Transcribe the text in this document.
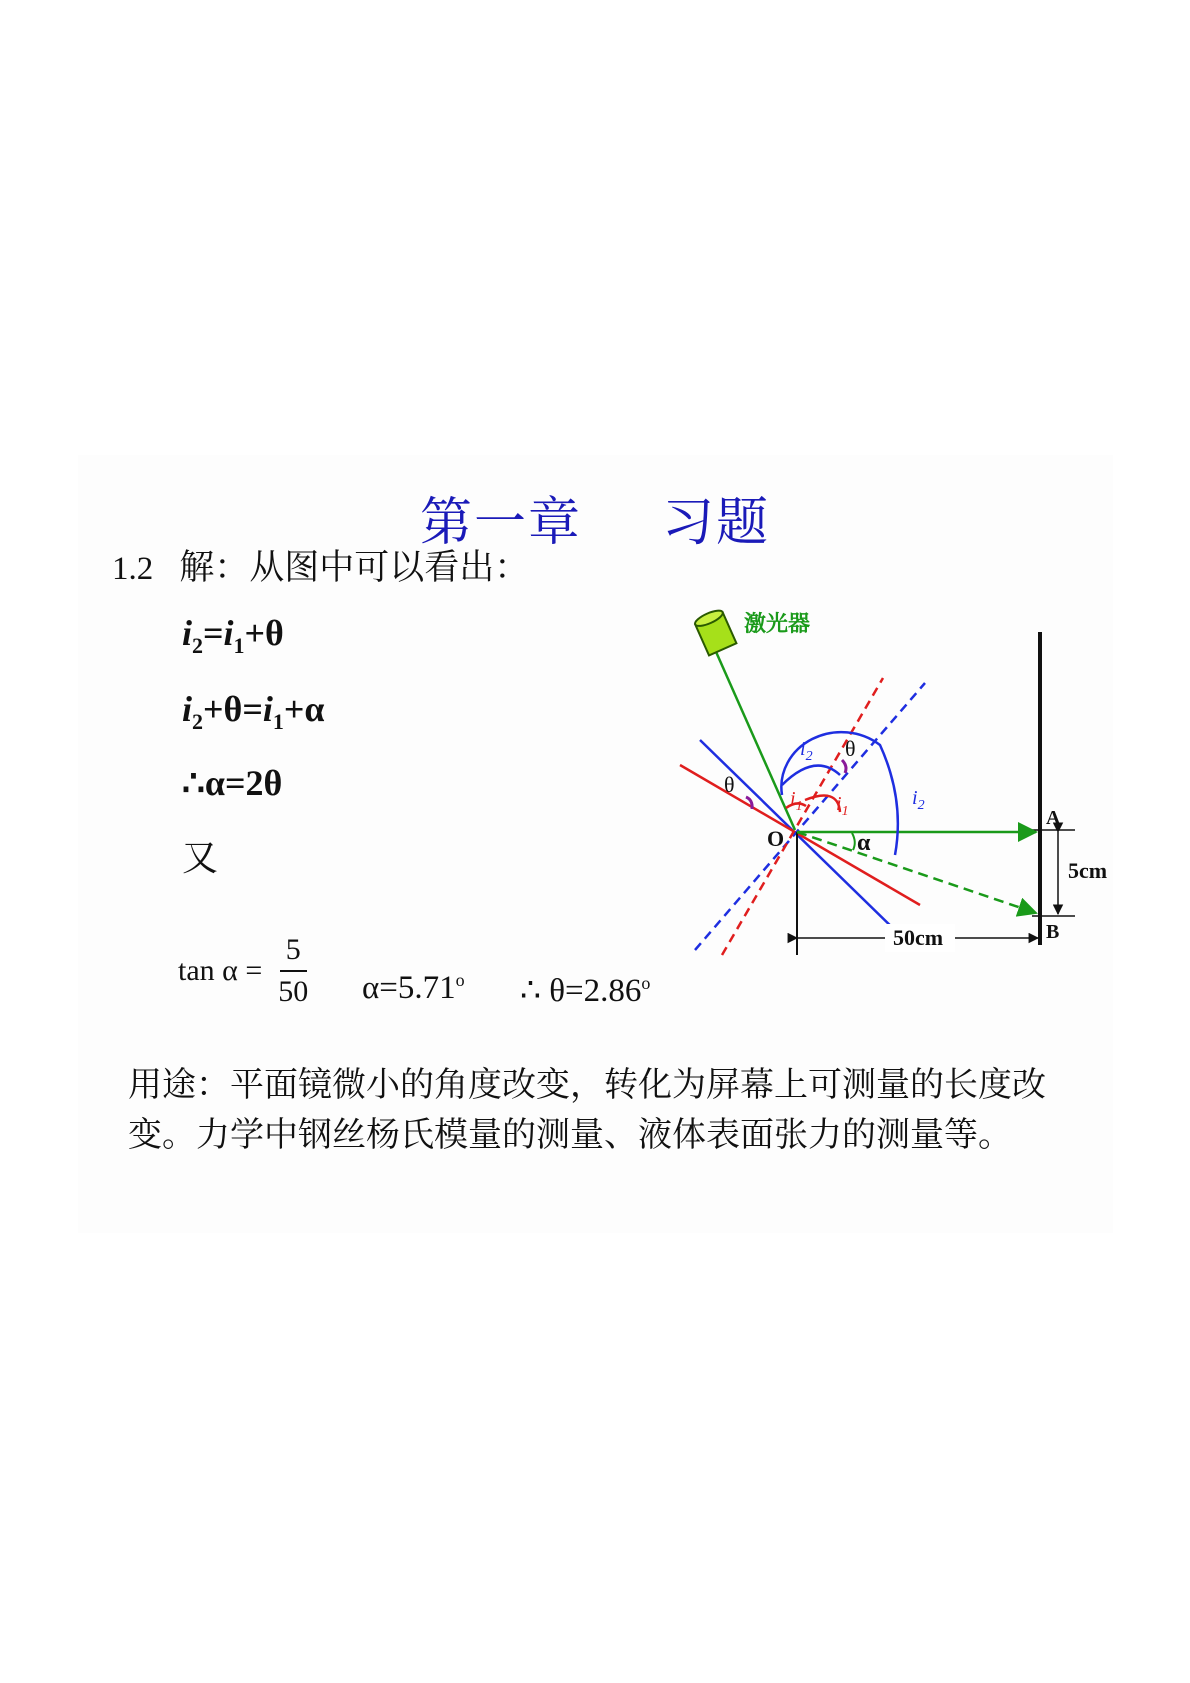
第一章 习题
1.2 解：从图中可以看出：
$i_2=i_1+\theta$
$i_2+\theta=i_1+\alpha$
∴α=2θ
又
$\tan \alpha = \frac{5}{50} \alpha=5.71^o$ ∴ $\theta=2.86^o$
用途：平面镜微小的角度改变，转化为屏幕上可测量的长度改
变。力学中钢丝杨氏模量的测量、液体表面张力的测量等。
激光器
O
A
B
5cm
50cm
θ
θ
α
$i_2$
$i_2$
$i_1$ $i_1$
